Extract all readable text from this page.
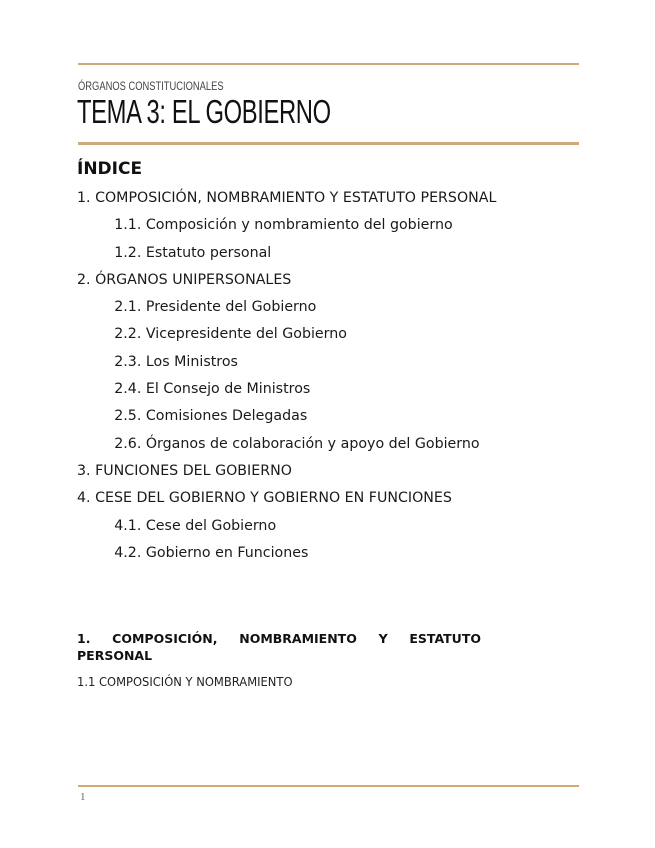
ÓRGANOS CONSTITUCIONALES
TEMA 3: EL GOBIERNO
ÍNDICE
1. COMPOSICIÓN, NOMBRAMIENTO Y ESTATUTO PERSONAL
1.1. Composición y nombramiento del gobierno
1.2. Estatuto personal
2. ÓRGANOS UNIPERSONALES
2.1. Presidente del Gobierno
2.2. Vicepresidente del Gobierno
2.3. Los Ministros
2.4. El Consejo de Ministros
2.5. Comisiones Delegadas
2.6. Órganos de colaboración y apoyo del Gobierno
3. FUNCIONES DEL GOBIERNO
4. CESE DEL GOBIERNO Y GOBIERNO EN FUNCIONES
4.1. Cese del Gobierno
4.2. Gobierno en Funciones
1. COMPOSICIÓN, NOMBRAMIENTO Y ESTATUTO
PERSONAL

1.1 COMPOSICIÓN Y NOMBRAMIENTO

1
